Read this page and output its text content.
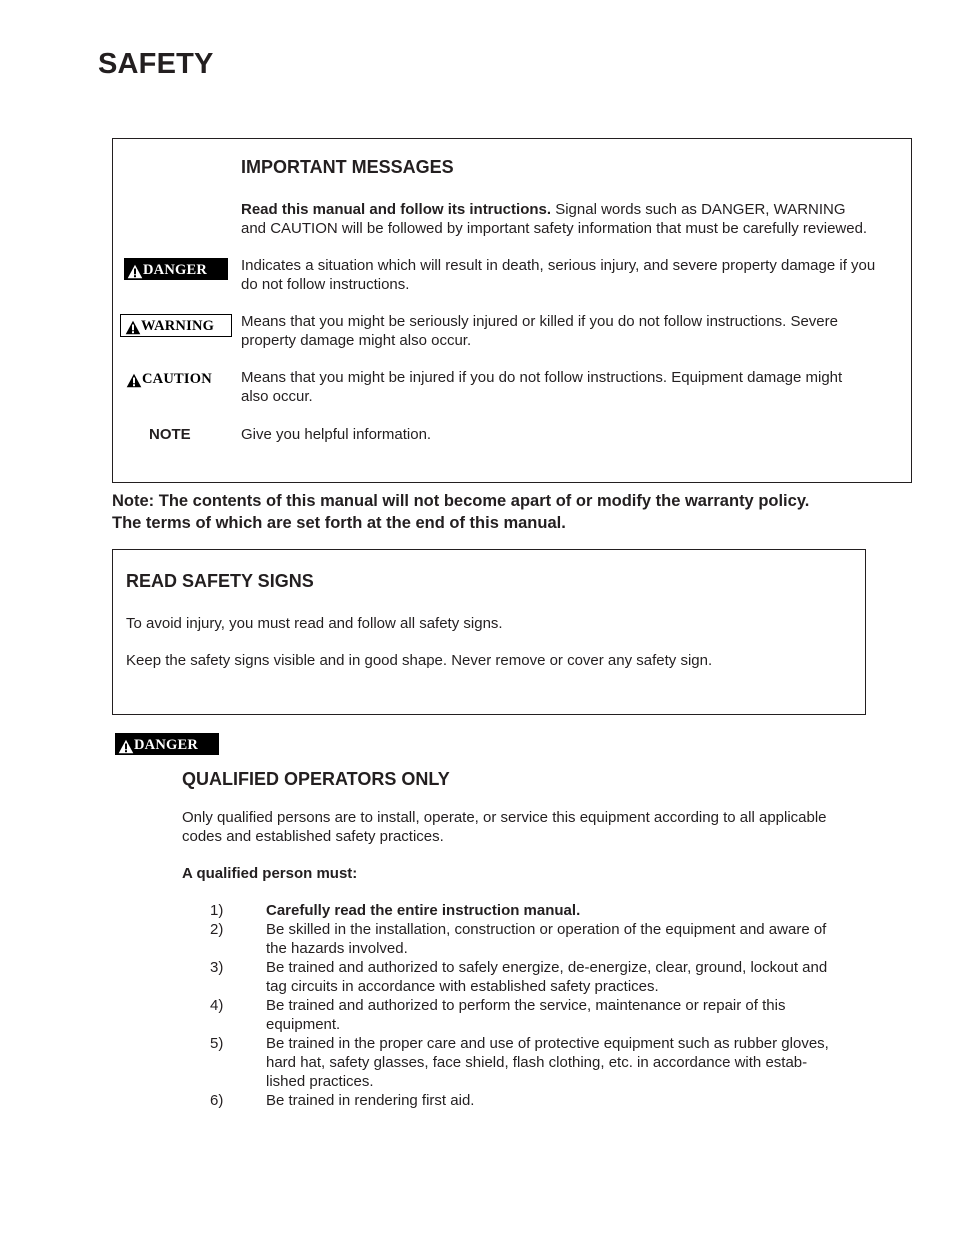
SAFETY
IMPORTANT MESSAGES
Read this manual and follow its intructions. Signal words such as DANGER, WARNING
and CAUTION will be followed by important safety information that must be carefully reviewed.
DANGER Indicates a situation which will result in death, serious injury, and severe property damage if you
do not follow instructions.
WARNING Means that you might be seriously injured or killed if you do not follow instructions. Severe
property damage might also occur.
CAUTION Means that you might be injured if you do not follow instructions. Equipment damage might
also occur.
NOTE	Give you helpful information.
Note: The contents of this manual will not become apart of or modify the warranty policy.
The terms of which are set forth at the end of this manual.
READ SAFETY SIGNS
To avoid injury, you must read and follow all safety signs.
Keep the safety signs visible and in good shape. Never remove or cover any safety sign.
DANGER
QUALIFIED OPERATORS ONLY
Only qualified persons are to install, operate, or service this equipment according to all applicable
codes and established safety practices.
A qualified person must:
1)	Carefully read the entire instruction manual.
2)	Be skilled in the installation, construction or operation of the equipment and aware of
the hazards involved.
3)	Be trained and authorized to safely energize, de-energize, clear, ground, lockout and
tag circuits in accordance with established safety practices.
4)	Be trained and authorized to perform the service, maintenance or repair of this
equipment.
5)	Be trained in the proper care and use of protective equipment such as rubber gloves,
hard hat, safety glasses, face shield, flash clothing, etc. in accordance with estab-
lished practices.
6)	Be trained in rendering first aid.
